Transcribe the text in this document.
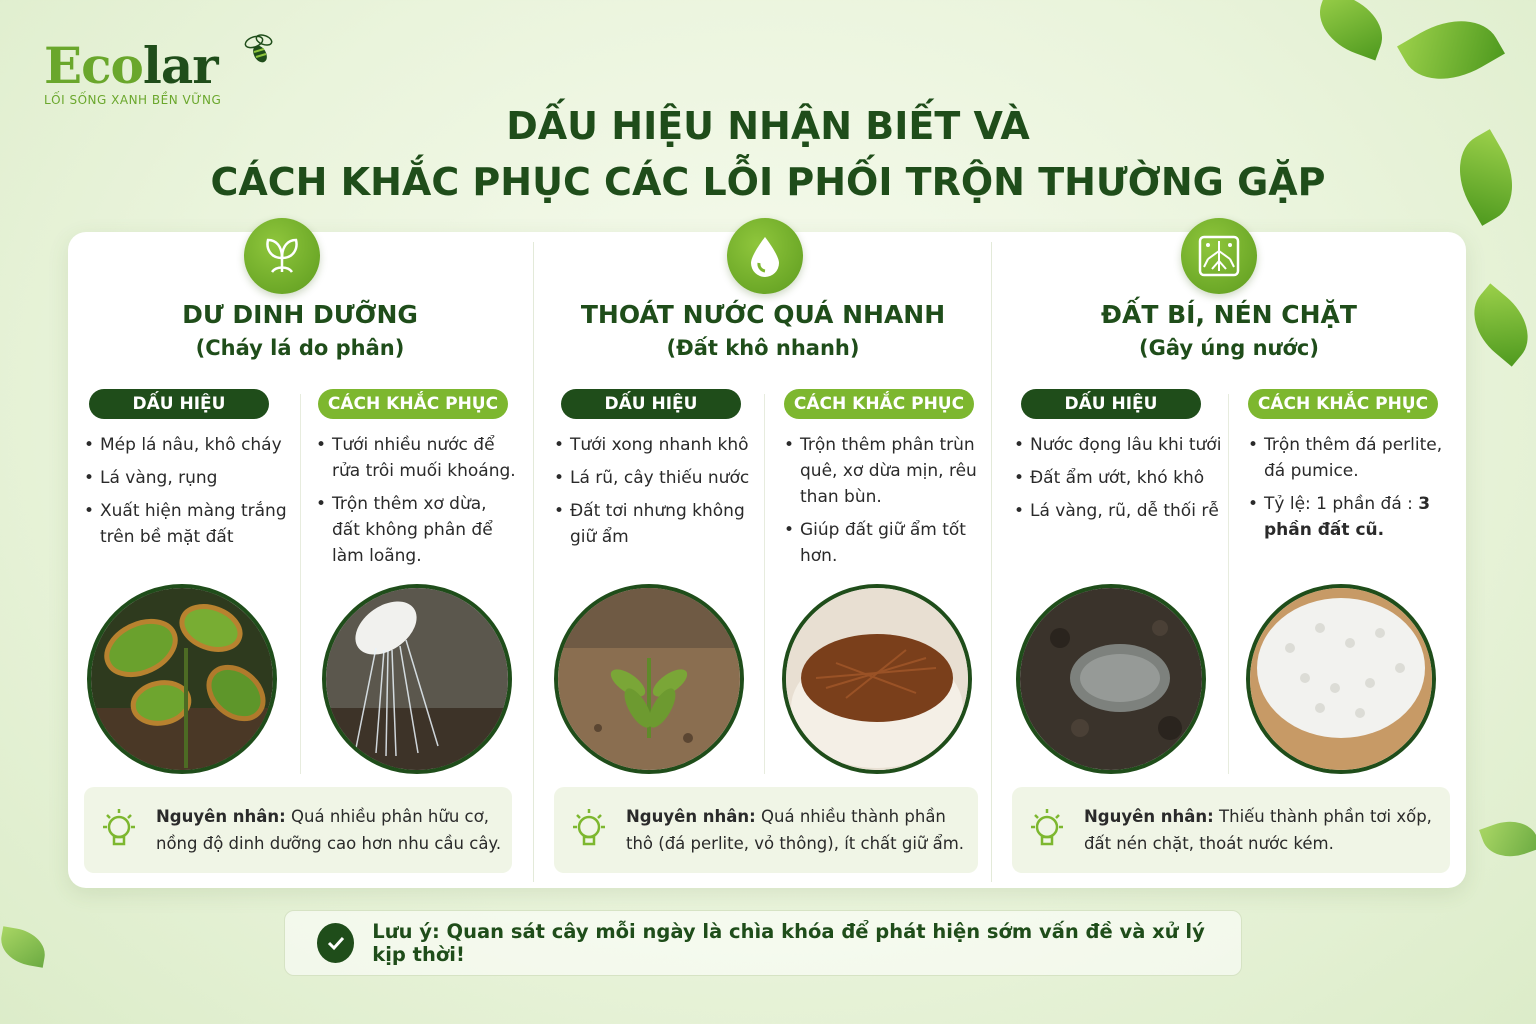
Ecolar
LỐI SỐNG XANH BỀN VỮNG
DẤU HIỆU NHẬN BIẾT VÀ
CÁCH KHẮC PHỤC CÁC LỖI PHỐI TRỘN THƯỜNG GẶP
DƯ DINH DƯỠNG
(Cháy lá do phân)
DẤU HIỆU	CÁCH KHẮC PHỤC
• Mép lá nâu, khô cháy
• Lá vàng, rụng
• Xuất hiện màng trắng trên bề mặt đất
• Tưới nhiều nước để rửa trôi muối khoáng.
• Trộn thêm xơ dừa, đất không phân để làm loãng.
Nguyên nhân: Quá nhiều phân hữu cơ, nồng độ dinh dưỡng cao hơn nhu cầu cây.
THOÁT NƯỚC QUÁ NHANH
(Đất khô nhanh)
DẤU HIỆU	CÁCH KHẮC PHỤC
• Tưới xong nhanh khô
• Lá rũ, cây thiếu nước
• Đất tơi nhưng không giữ ẩm
• Trộn thêm phân trùn quê, xơ dừa mịn, rêu than bùn.
• Giúp đất giữ ẩm tốt hơn.
Nguyên nhân: Quá nhiều thành phần thô (đá perlite, vỏ thông), ít chất giữ ẩm.
ĐẤT BÍ, NÉN CHẶT
(Gây úng nước)
DẤU HIỆU	CÁCH KHẮC PHỤC
• Nước đọng lâu khi tưới
• Đất ẩm ướt, khó khô
• Lá vàng, rũ, dễ thối rễ
• Trộn thêm đá perlite, đá pumice.
• Tỷ lệ: 1 phần đá : 3 phần đất cũ.
Nguyên nhân: Thiếu thành phần tơi xốp, đất nén chặt, thoát nước kém.
Lưu ý: Quan sát cây mỗi ngày là chìa khóa để phát hiện sớm vấn đề và xử lý kịp thời!
